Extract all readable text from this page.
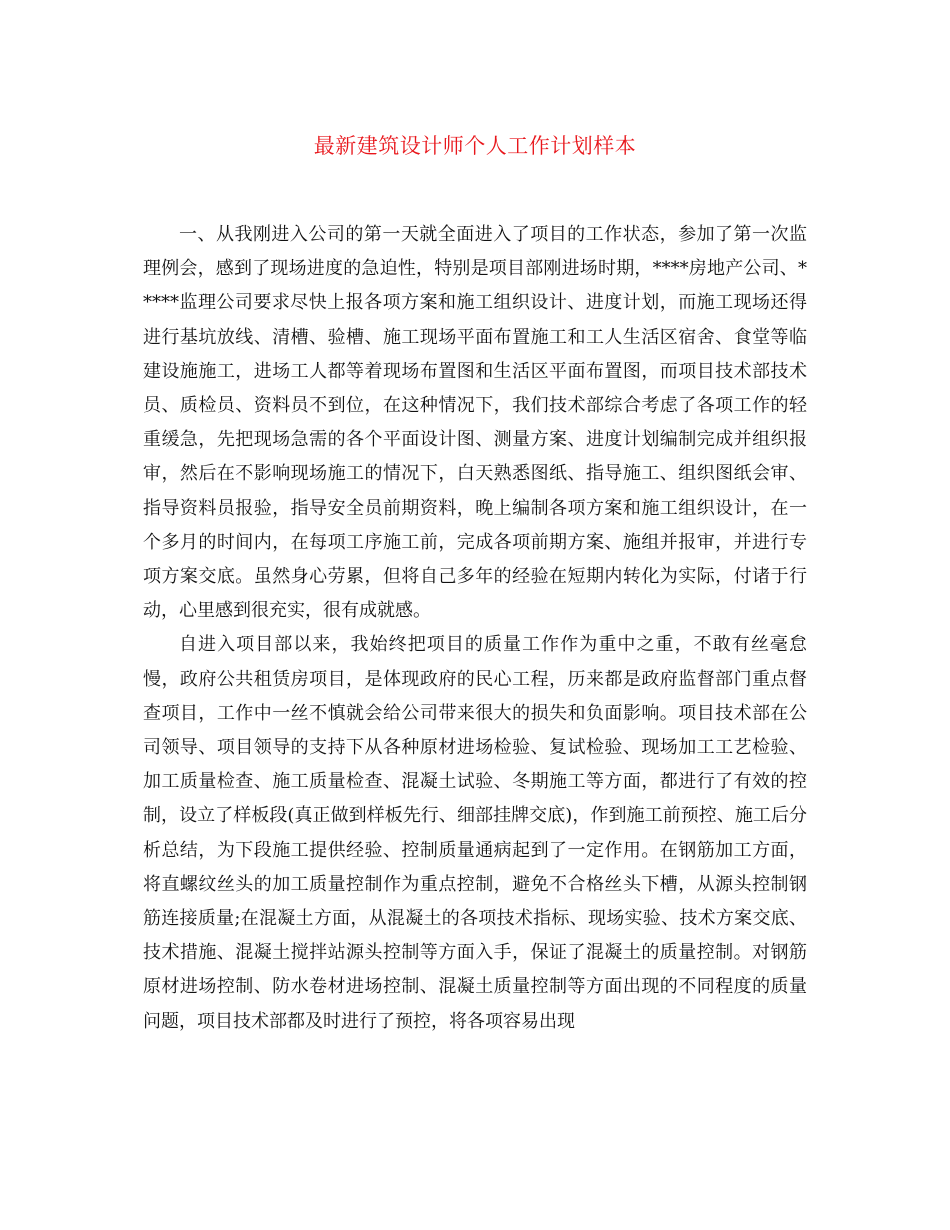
最新建筑设计师个人工作计划样本

一、从我刚进入公司的第一天就全面进入了项目的工作状态，参加了第一次监理例会，感到了现场进度的急迫性，特别是项目部刚进场时期，****房地产公司、*****监理公司要求尽快上报各项方案和施工组织设计、进度计划，而施工现场还得进行基坑放线、清槽、验槽、施工现场平面布置施工和工人生活区宿舍、食堂等临建设施施工，进场工人都等着现场布置图和生活区平面布置图，而项目技术部技术员、质检员、资料员不到位，在这种情况下，我们技术部综合考虑了各项工作的轻重缓急，先把现场急需的各个平面设计图、测量方案、进度计划编制完成并组织报审，然后在不影响现场施工的情况下，白天熟悉图纸、指导施工、组织图纸会审、指导资料员报验，指导安全员前期资料，晚上编制各项方案和施工组织设计，在一个多月的时间内，在每项工序施工前，完成各项前期方案、施组并报审，并进行专项方案交底。虽然身心劳累，但将自己多年的经验在短期内转化为实际，付诸于行动，心里感到很充实，很有成就感。

自进入项目部以来，我始终把项目的质量工作作为重中之重，不敢有丝毫怠慢，政府公共租赁房项目，是体现政府的民心工程，历来都是政府监督部门重点督查项目，工作中一丝不慎就会给公司带来很大的损失和负面影响。项目技术部在公司领导、项目领导的支持下从各种原材进场检验、复试检验、现场加工工艺检验、加工质量检查、施工质量检查、混凝土试验、冬期施工等方面，都进行了有效的控制，设立了样板段(真正做到样板先行、细部挂牌交底)，作到施工前预控、施工后分析总结，为下段施工提供经验、控制质量通病起到了一定作用。在钢筋加工方面，将直螺纹丝头的加工质量控制作为重点控制，避免不合格丝头下槽，从源头控制钢筋连接质量;在混凝土方面，从混凝土的各项技术指标、现场实验、技术方案交底、技术措施、混凝土搅拌站源头控制等方面入手，保证了混凝土的质量控制。对钢筋原材进场控制、防水卷材进场控制、混凝土质量控制等方面出现的不同程度的质量问题，项目技术部都及时进行了预控，将各项容易出现
